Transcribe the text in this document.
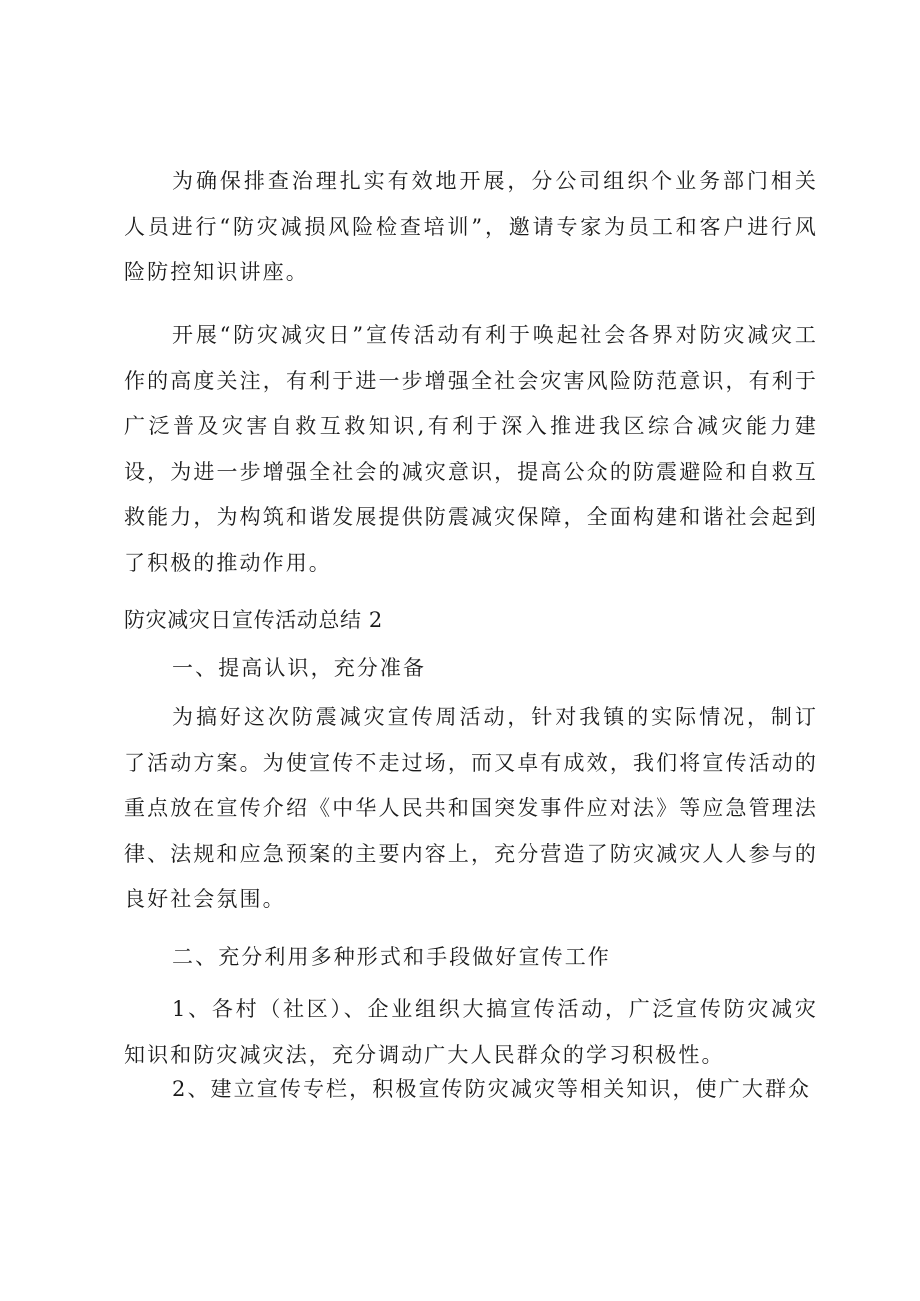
为确保排查治理扎实有效地开展，分公司组织个业务部门相关人员进行“防灾减损风险检查培训”，邀请专家为员工和客户进行风险防控知识讲座。

开展“防灾减灾日”宣传活动有利于唤起社会各界对防灾减灾工作的高度关注，有利于进一步增强全社会灾害风险防范意识，有利于广泛普及灾害自救互救知识,有利于深入推进我区综合减灾能力建设，为进一步增强全社会的减灾意识，提高公众的防震避险和自救互救能力，为构筑和谐发展提供防震减灾保障，全面构建和谐社会起到了积极的推动作用。

防灾减灾日宣传活动总结 2

一、提高认识，充分准备

为搞好这次防震减灾宣传周活动，针对我镇的实际情况，制订了活动方案。为使宣传不走过场，而又卓有成效，我们将宣传活动的重点放在宣传介绍《中华人民共和国突发事件应对法》等应急管理法律、法规和应急预案的主要内容上，充分营造了防灾减灾人人参与的良好社会氛围。

二、充分利用多种形式和手段做好宣传工作

1、各村（社区）、企业组织大搞宣传活动，广泛宣传防灾减灾知识和防灾减灾法，充分调动广大人民群众的学习积极性。

2、建立宣传专栏，积极宣传防灾减灾等相关知识，使广大群众
